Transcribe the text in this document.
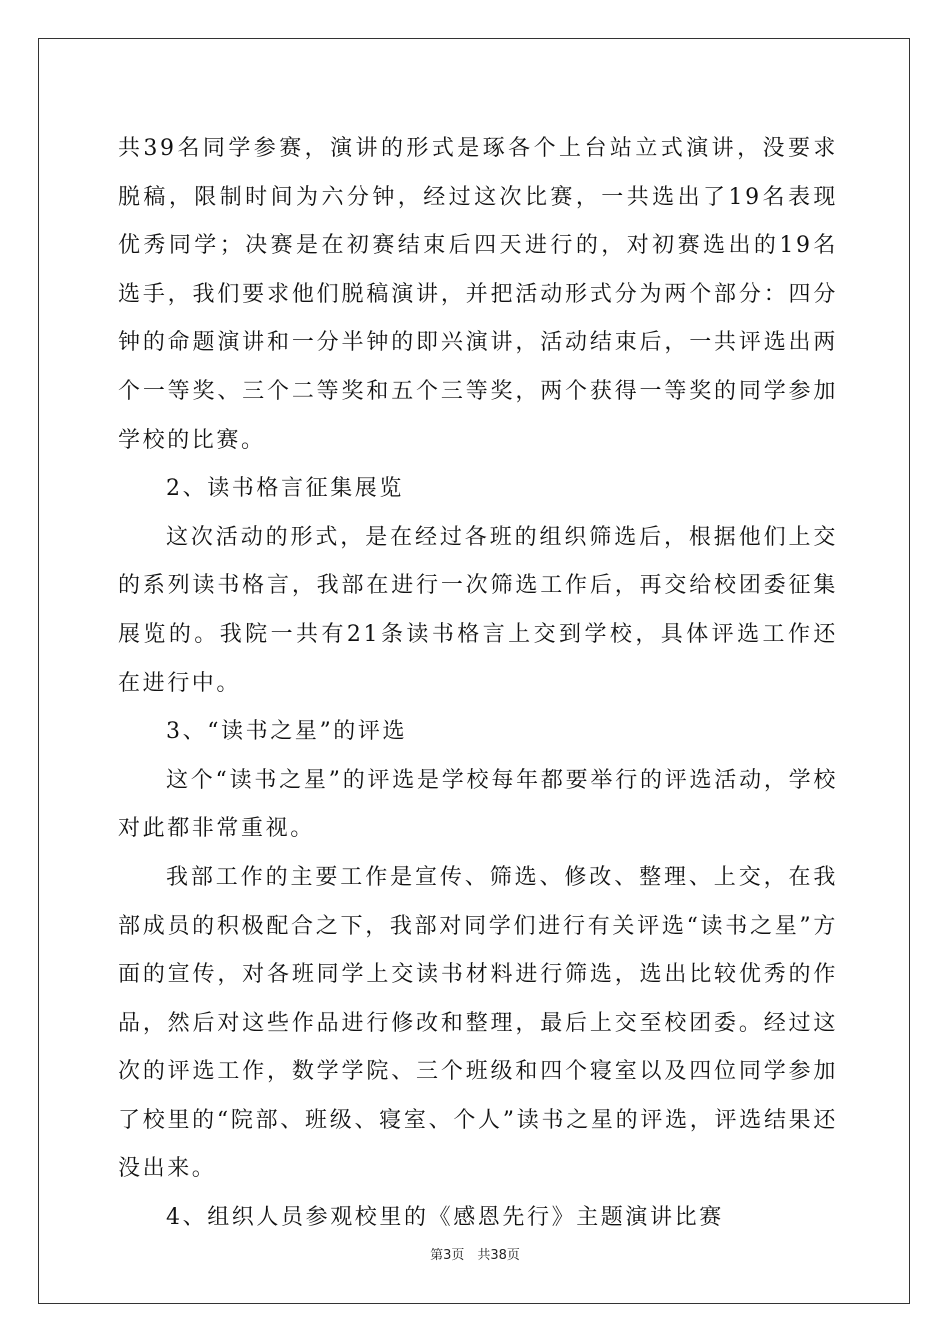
共39名同学参赛，演讲的形式是琢各个上台站立式演讲，没要求脱稿，限制时间为六分钟，经过这次比赛，一共选出了19名表现优秀同学；决赛是在初赛结束后四天进行的，对初赛选出的19名选手，我们要求他们脱稿演讲，并把活动形式分为两个部分：四分钟的命题演讲和一分半钟的即兴演讲，活动结束后，一共评选出两个一等奖、三个二等奖和五个三等奖，两个获得一等奖的同学参加学校的比赛。

2、读书格言征集展览

这次活动的形式，是在经过各班的组织筛选后，根据他们上交的系列读书格言，我部在进行一次筛选工作后，再交给校团委征集展览的。我院一共有21条读书格言上交到学校，具体评选工作还在进行中。

3、“读书之星”的评选

这个“读书之星”的评选是学校每年都要举行的评选活动，学校对此都非常重视。

我部工作的主要工作是宣传、筛选、修改、整理、上交，在我部成员的积极配合之下，我部对同学们进行有关评选“读书之星”方面的宣传，对各班同学上交读书材料进行筛选，选出比较优秀的作品，然后对这些作品进行修改和整理，最后上交至校团委。经过这次的评选工作，数学学院、三个班级和四个寝室以及四位同学参加了校里的“院部、班级、寝室、个人”读书之星的评选，评选结果还没出来。

4、组织人员参观校里的《感恩先行》主题演讲比赛

第3页　共38页
